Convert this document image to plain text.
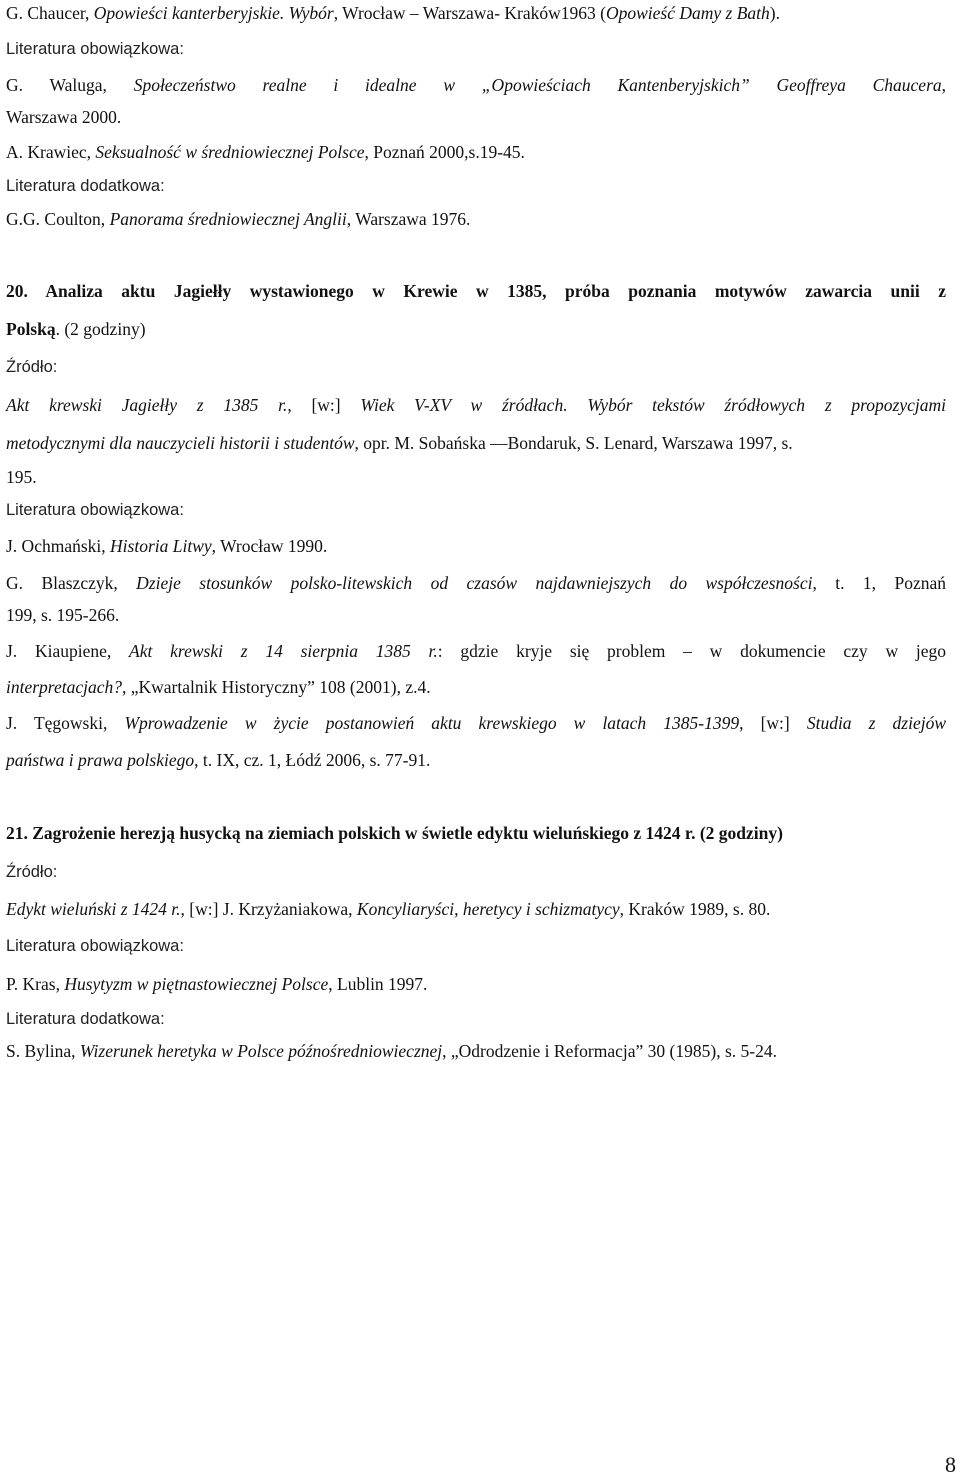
G. Chaucer, Opowieści kanterberyjskie. Wybór, Wrocław – Warszawa- Kraków1963 (Opowieść Damy z Bath).
Literatura obowiązkowa:
G. Waluga, Społeczeństwo realne i idealne w „Opowieściach Kantenberyjskich” Geoffreya Chaucera,
Warszawa 2000.
A. Krawiec, Seksualność w średniowiecznej Polsce, Poznań 2000,s.19-45.
Literatura dodatkowa:
G.G. Coulton, Panorama średniowiecznej Anglii, Warszawa 1976.
20. Analiza aktu Jagiełły wystawionego w Krewie w 1385, próba poznania motywów zawarcia unii z
Polską. (2 godziny)
Źródło:
Akt krewski Jagiełły z 1385 r., [w:] Wiek V-XV w źródłach. Wybór tekstów źródłowych z propozycjami
metodycznymi dla nauczycieli historii i studentów, opr. M. Sobańska —Bondaruk, S. Lenard, Warszawa 1997, s.
195.
Literatura obowiązkowa:
J. Ochmański, Historia Litwy, Wrocław 1990.
G. Blaszczyk, Dzieje stosunków polsko-litewskich od czasów najdawniejszych do współczesności, t. 1, Poznań
199, s. 195-266.
J. Kiaupiene, Akt krewski z 14 sierpnia 1385 r.: gdzie kryje się problem – w dokumencie czy w jego
interpretacjach?, „Kwartalnik Historyczny” 108 (2001), z.4.
J. Tęgowski, Wprowadzenie w życie postanowień aktu krewskiego w latach 1385-1399, [w:] Studia z dziejów
państwa i prawa polskiego, t. IX, cz. 1, Łódź 2006, s. 77-91.
21. Zagrożenie herezją husycką na ziemiach polskich w świetle edyktu wieluńskiego z 1424 r. (2 godziny)
Źródło:
Edykt wieluński z 1424 r., [w:] J. Krzyżaniakowa, Koncyliaryści, heretycy i schizmatycy, Kraków 1989, s. 80.
Literatura obowiązkowa:
P. Kras, Husytyzm w piętnastowiecznej Polsce, Lublin 1997.
Literatura dodatkowa:
S. Bylina, Wizerunek heretyka w Polsce późnośredniowiecznej, „Odrodzenie i Reformacja” 30 (1985), s. 5-24.
8
